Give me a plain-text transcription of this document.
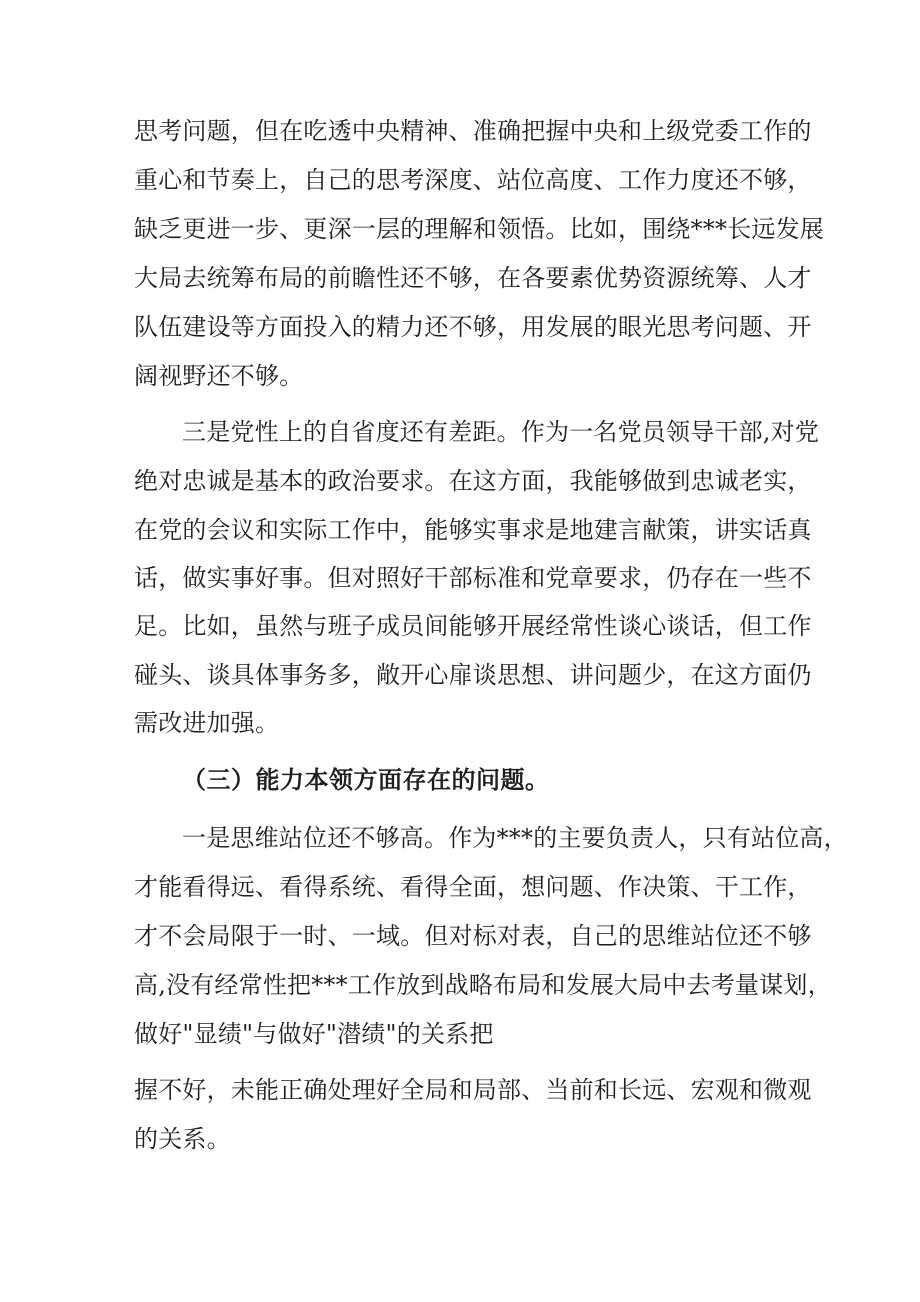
思考问题，但在吃透中央精神、准确把握中央和上级党委工作的
重心和节奏上，自己的思考深度、站位高度、工作力度还不够，
缺乏更进一步、更深一层的理解和领悟。比如，围绕***长远发展
大局去统筹布局的前瞻性还不够，在各要素优势资源统筹、人才
队伍建设等方面投入的精力还不够，用发展的眼光思考问题、开
阔视野还不够。
三是党性上的自省度还有差距。作为一名党员领导干部,对党
绝对忠诚是基本的政治要求。在这方面，我能够做到忠诚老实，
在党的会议和实际工作中，能够实事求是地建言献策，讲实话真
话，做实事好事。但对照好干部标准和党章要求，仍存在一些不
足。比如，虽然与班子成员间能够开展经常性谈心谈话，但工作
碰头、谈具体事务多，敞开心扉谈思想、讲问题少，在这方面仍
需改进加强。
（三）能力本领方面存在的问题。
一是思维站位还不够高。作为***的主要负责人，只有站位高，
才能看得远、看得系统、看得全面，想问题、作决策、干工作，
才不会局限于一时、一域。但对标对表，自己的思维站位还不够
高,没有经常性把***工作放到战略布局和发展大局中去考量谋划，
做好"显绩"与做好"潜绩"的关系把
握不好，未能正确处理好全局和局部、当前和长远、宏观和微观
的关系。
